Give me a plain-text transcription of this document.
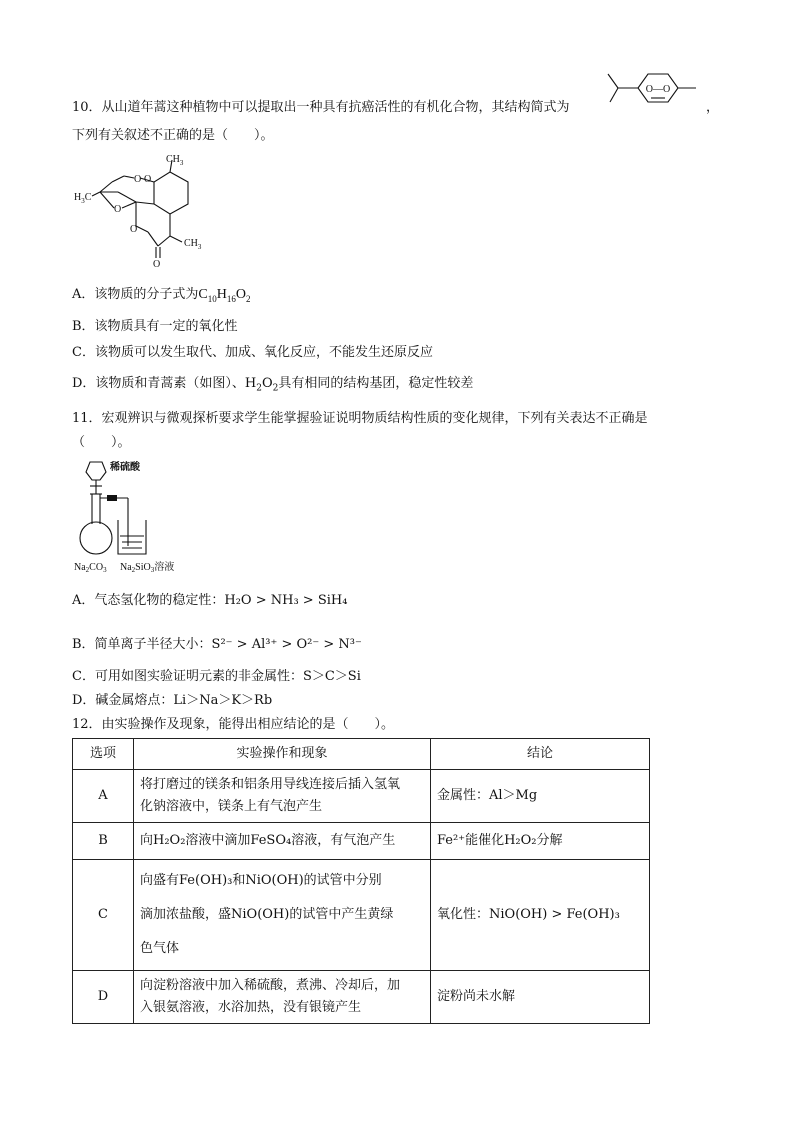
10．从山道年蒿这种植物中可以提取出一种具有抗癌活性的有机化合物，其结构简式为	，
O—O
下列有关叙述不正确的是（　　）。
O O
O
O
O
$CH_3$
$CH_3$
$H_3C$
A．该物质的分子式为$C_{10}H_{16}O_2$
B．该物质具有一定的氧化性
C．该物质可以发生取代、加成、氧化反应，不能发生还原反应
D．该物质和青蒿素（如图）、$H_2O_2$具有相同的结构基团，稳定性较差
11．宏观辨识与微观探析要求学生能掌握验证说明物质结构性质的变化规律，下列有关表达不正确是
（　　）。
稀硫酸
$Na_2CO_3$ $Na_2SiO_3$溶液
A．气态氢化物的稳定性：H₂O > NH₃ > SiH₄
B．简单离子半径大小：S²⁻ > Al³⁺ > O²⁻ > N³⁻
C．可用如图实验证明元素的非金属性：S＞C＞Si
D．碱金属熔点：Li＞Na＞K＞Rb
12．由实验操作及现象，能得出相应结论的是（　　）。
选项	实验操作和现象	结论
A	将打磨过的镁条和铝条用导线连接后插入氢氧
化钠溶液中，镁条上有气泡产生	金属性：Al＞Mg
B	向H₂O₂溶液中滴加FeSO₄溶液，有气泡产生	Fe²⁺能催化H₂O₂分解
C	向盛有Fe(OH)₃和NiO(OH)的试管中分别
滴加浓盐酸，盛NiO(OH)的试管中产生黄绿
色气体	氧化性：NiO(OH) > Fe(OH)₃
D	向淀粉溶液中加入稀硫酸，煮沸、冷却后，加
入银氨溶液，水浴加热，没有银镜产生	淀粉尚未水解
